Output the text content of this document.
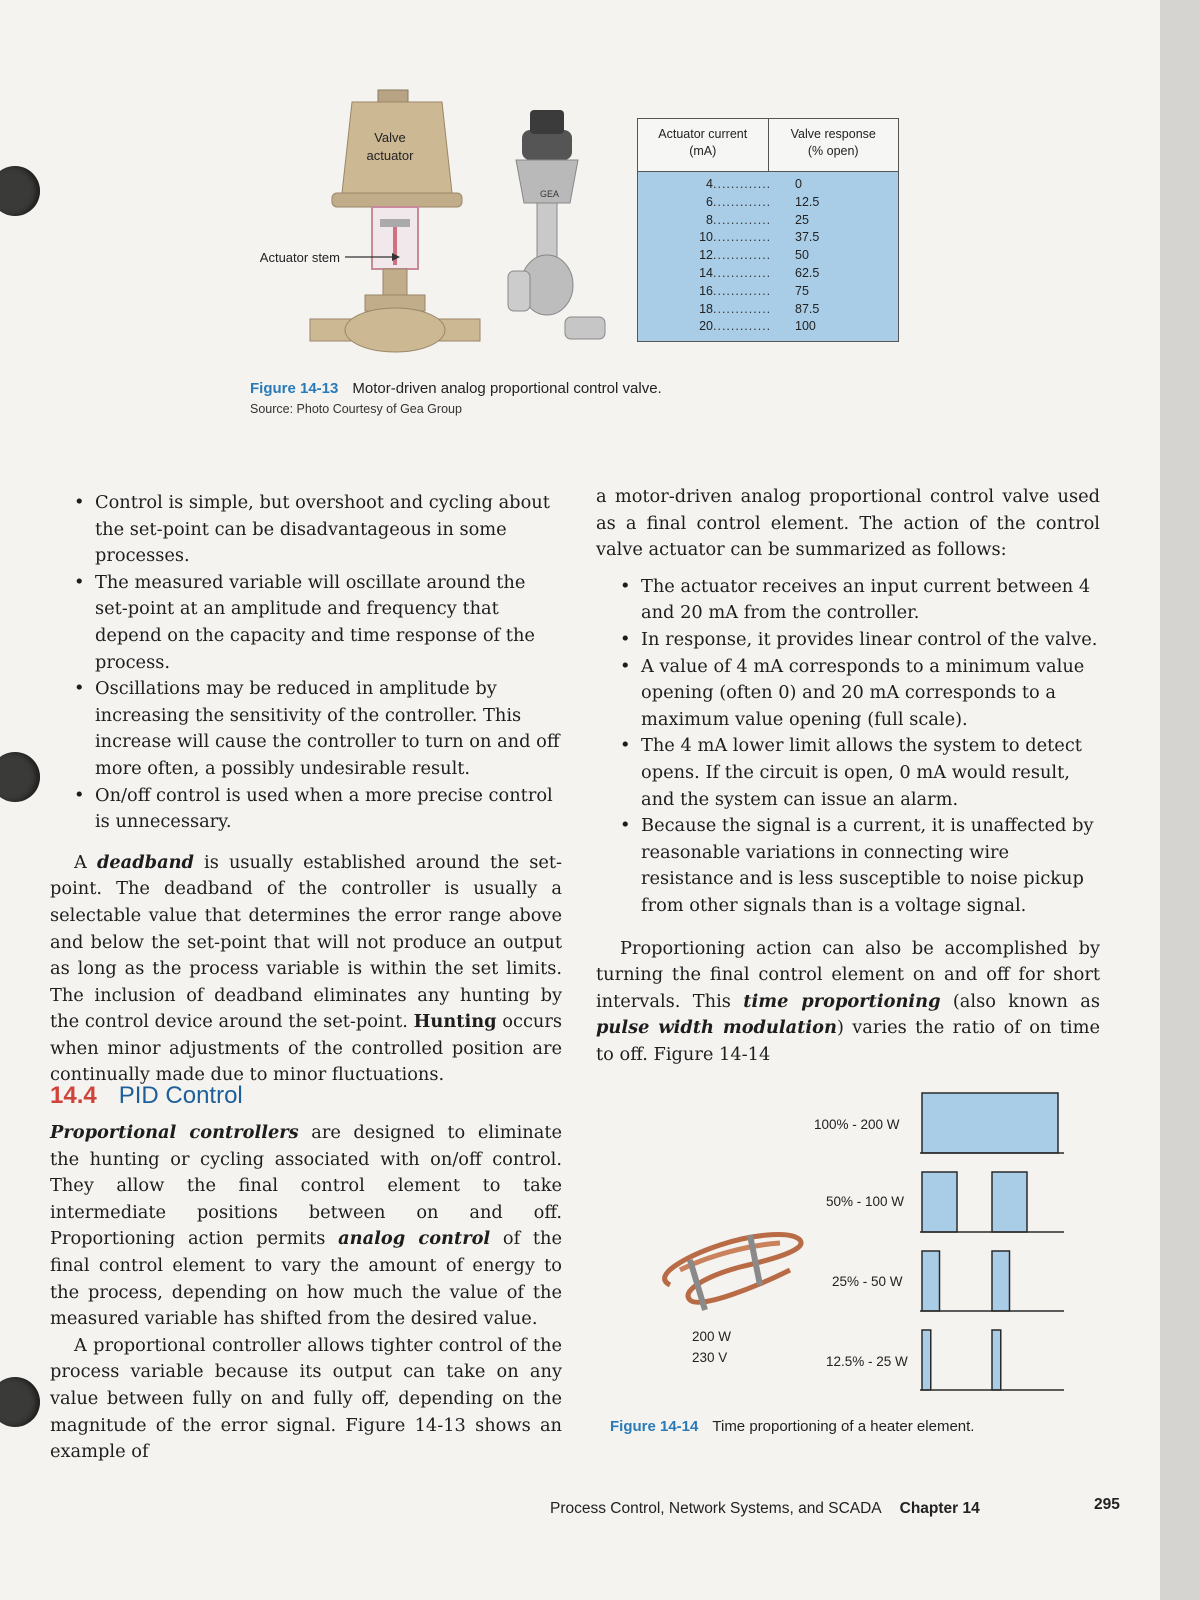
Valve
actuator
Actuator stem
GEA
Actuator current
(mA)
Valve response
(% open)
4 .............	0
6 .............	12.5
8 .............	25
10 .............	37.5
12 .............	50
14 .............	62.5
16 .............	75
18 .............	87.5
20 .............	100
Figure 14-13 Motor-driven analog proportional control valve.
Source: Photo Courtesy of Gea Group
• Control is simple, but overshoot and cycling about the set-point can be disadvantageous in some processes.
• The measured variable will oscillate around the set-point at an amplitude and frequency that depend on the capacity and time response of the process.
• Oscillations may be reduced in amplitude by increasing the sensitivity of the controller. This increase will cause the controller to turn on and off more often, a possibly undesirable result.
• On/off control is used when a more precise control is unnecessary.

A deadband is usually established around the set-point. The deadband of the controller is usually a selectable value that determines the error range above and below the set-point that will not produce an output as long as the process variable is within the set limits. The inclusion of deadband eliminates any hunting by the control device around the set-point. Hunting occurs when minor adjustments of the controlled position are continually made due to minor fluctuations.

14.4 PID Control

Proportional controllers are designed to eliminate the hunting or cycling associated with on/off control. They allow the final control element to take intermediate positions between on and off. Proportioning action permits analog control of the final control element to vary the amount of energy to the process, depending on how much the value of the measured variable has shifted from the desired value.

A proportional controller allows tighter control of the process variable because its output can take on any value between fully on and fully off, depending on the magnitude of the error signal. Figure 14-13 shows an example of

a motor-driven analog proportional control valve used as a final control element. The action of the control valve actuator can be summarized as follows:

• The actuator receives an input current between 4 and 20 mA from the controller.
• In response, it provides linear control of the valve.
• A value of 4 mA corresponds to a minimum value opening (often 0) and 20 mA corresponds to a maximum value opening (full scale).
• The 4 mA lower limit allows the system to detect opens. If the circuit is open, 0 mA would result, and the system can issue an alarm.
• Because the signal is a current, it is unaffected by reasonable variations in connecting wire resistance and is less susceptible to noise pickup from other signals than is a voltage signal.

Proportioning action can also be accomplished by turning the final control element on and off for short intervals. This time proportioning (also known as pulse width modulation) varies the ratio of on time to off. Figure 14-14

200 W
230 V
100% - 200 W
50% - 100 W
25% - 50 W
12.5% - 25 W
Figure 14-14 Time proportioning of a heater element.
Process Control, Network Systems, and SCADA Chapter 14	295
